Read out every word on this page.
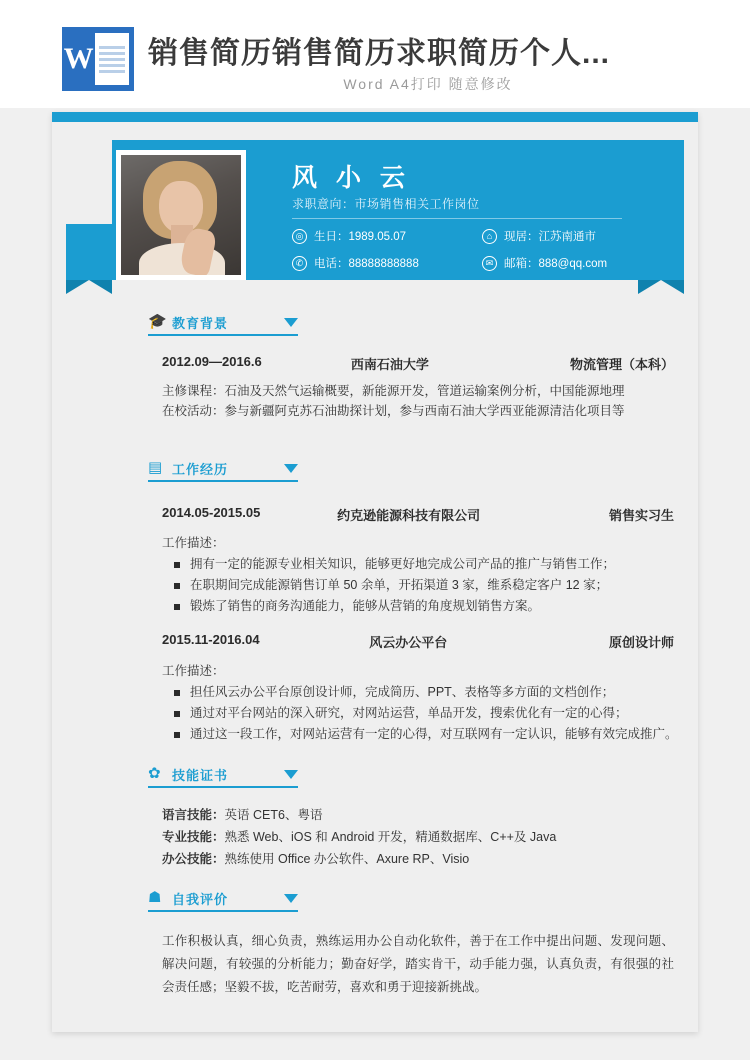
W 销售简历销售简历求职简历个人...
Word A4打印 随意修改
风 小 云
求职意向：市场销售相关工作岗位
◎ 生日：1989.05.07	⌂	现居：江苏南通市
✆ 电话：88888888888	✉ 邮箱：888@qq.com
🎓 教育背景
2012.09—2016.6	西南石油大学	物流管理（本科）
主修课程：石油及天然气运输概要，新能源开发，管道运输案例分析，中国能源地理
在校活动：参与新疆阿克苏石油勘探计划，参与西南石油大学西亚能源清洁化项目等
▤ 工作经历
2014.05-2015.05	约克逊能源科技有限公司	销售实习生
工作描述：
拥有一定的能源专业相关知识，能够更好地完成公司产品的推广与销售工作；
在职期间完成能源销售订单 50 余单，开拓渠道 3 家，维系稳定客户 12 家；
锻炼了销售的商务沟通能力，能够从营销的角度规划销售方案。
2015.11-2016.04	风云办公平台	原创设计师
工作描述：
担任风云办公平台原创设计师，完成简历、PPT、表格等多方面的文档创作；
通过对平台网站的深入研究，对网站运营，单品开发，搜索优化有一定的心得；
通过这一段工作，对网站运营有一定的心得，对互联网有一定认识，能够有效完成推广。
✿ 技能证书
语言技能：英语 CET6、粤语
专业技能：熟悉 Web、iOS 和 Android 开发，精通数据库、C++及 Java
办公技能：熟练使用 Office 办公软件、Axure RP、Visio
☗ 自我评价
工作积极认真，细心负责，熟练运用办公自动化软件，善于在工作中提出问题、发现问题、解决问题，有较强的分析能力；勤奋好学，踏实肯干，动手能力强，认真负责，有很强的社会责任感；坚毅不拔，吃苦耐劳，喜欢和勇于迎接新挑战。
